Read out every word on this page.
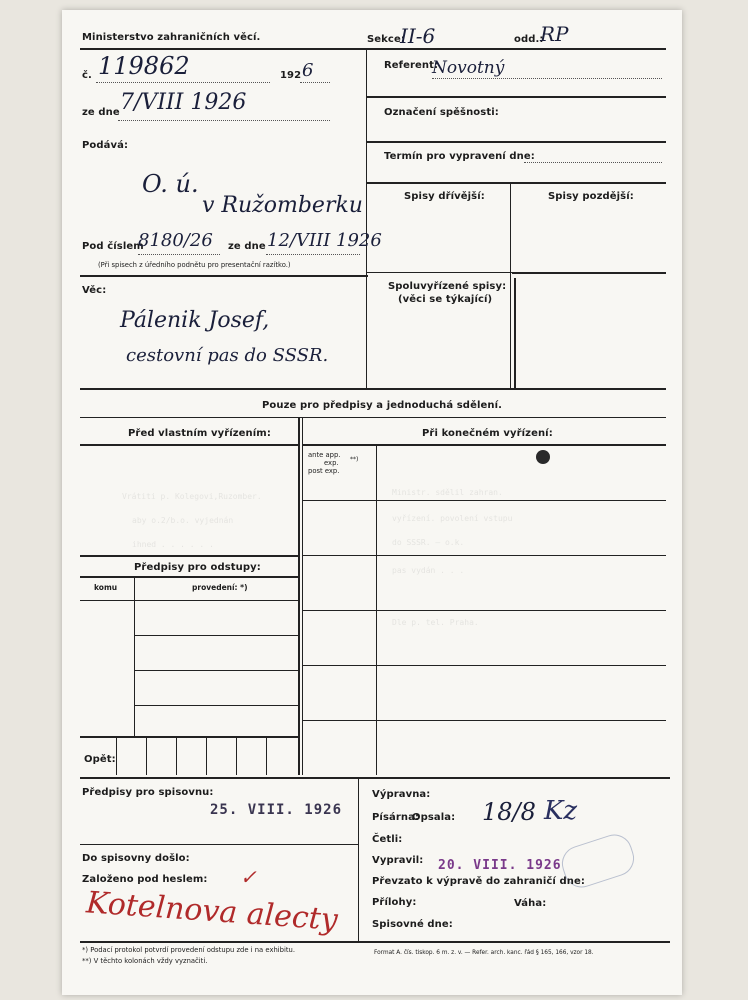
Ministerstvo zahraničních věcí.	Sekce:
II-6	odd.:
RP
č. 119862	192 6
ze dne 7/VIII 1926
Podává:
O. ú.
v Ružomberku
Pod číslem
8180/26 ze dne 12/VIII 1926
(Při spisech z úředního podnětu pro presentační razítko.)
Věc:
Pálenik Josef,
cestovní pas do SSSR.
Referent:
Novotný
Označení spěšnosti:
Termín pro vypravení dne:
Spisy dřívější:	Spisy pozdější:
Spoluvyřízené spisy:
(věci se týkající)
Pouze pro předpisy a jednoduchá sdělení.
Před vlastním vyřízením:	Při konečném vyřízení:
ante app.
**)
exp.
post exp.
Vrátiti p. Kolegovi,Ruzomber.
aby o.2/b.o. vyjednán
ihned . . . . . .
Ministr. sdělil zahran.
vyřízení. povolení vstupu
do SSSR. — o.k.
pas vydán . . .
Dle p. tel. Praha.
Předpisy pro odstupy:
komu	provedení: *)
Opět:
Předpisy pro spisovnu:
25. VIII. 1926
Do spisovny došlo:
Založeno pod heslem: ✓
Kotelnova alecty
Výpravna:
Písárna:
Opsala: 18/8 Kz
Četli:
Vypravil: 20. VIII. 1926
Převzato k výpravě do zahraničí dne:
Přílohy:	Váha:
Spisovné dne:
*) Podací protokol potvrdí provedení odstupu zde i na exhibitu.
**) V těchto kolonách vždy vyznačiti.
Format A. čís. tiskop. 6 m. z. v. — Refer. arch. kanc. řád § 165, 166, vzor 18.
